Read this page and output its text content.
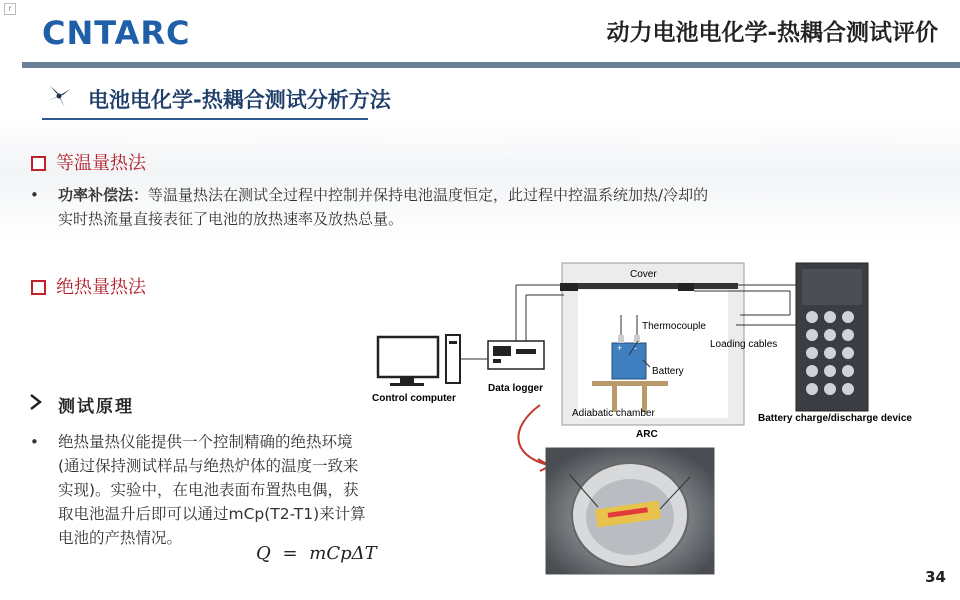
r
CNTARC	动力电池电化学-热耦合测试评价
电池电化学-热耦合测试分析方法
等温量热法
• 功率补偿法：等温量热法在测试全过程中控制并保持电池温度恒定，此过程中控温系统加热/冷却的
实时热流量直接表征了电池的放热速率及放热总量。
绝热量热法
测试原理
• 绝热量热仪能提供一个控制精确的绝热环境
(通过保持测试样品与绝热炉体的温度一致来
实现)。实验中，在电池表面布置热电偶，获
取电池温升后即可以通过mCp(T2-T1)来计算
电池的产热情况。
Q = mCpΔT
Cover
+ -
Thermocouple
Battery
Adiabatic chamber
ARC
Data logger
Control computer
Loading cables
Battery charge/discharge device
34
